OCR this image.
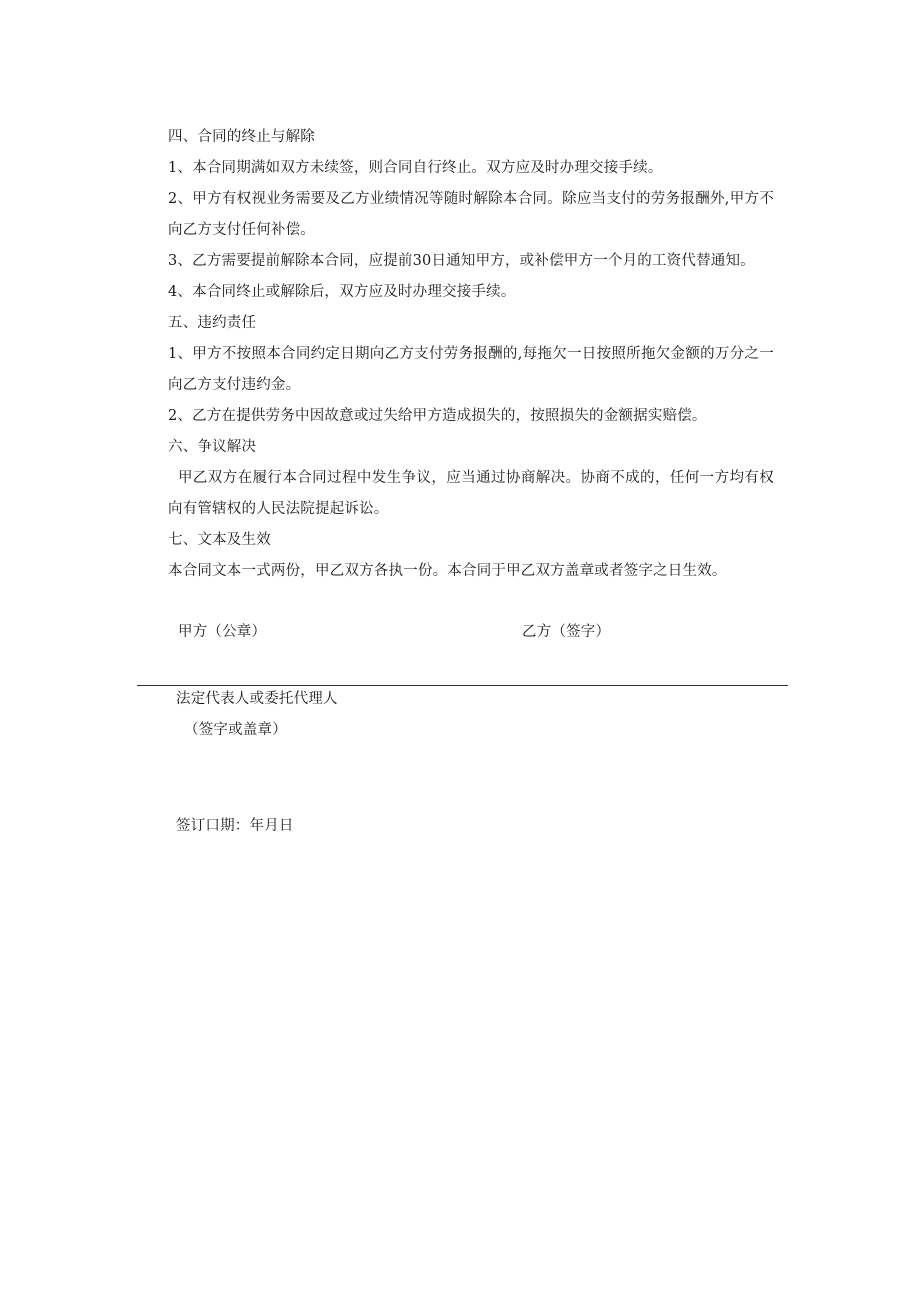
四、合同的终止与解除
1、本合同期满如双方未续签，则合同自行终止。双方应及时办理交接手续。
2、甲方有权视业务需要及乙方业绩情况等随时解除本合同。除应当支付的劳务报酬外,甲方不向乙方支付任何补偿。
3、乙方需要提前解除本合同，应提前30日通知甲方，或补偿甲方一个月的工资代替通知。
4、本合同终止或解除后，双方应及时办理交接手续。
五、违约责任
1、甲方不按照本合同约定日期向乙方支付劳务报酬的,每拖欠一日按照所拖欠金额的万分之一向乙方支付违约金。
2、乙方在提供劳务中因故意或过失给甲方造成损失的，按照损失的金额据实赔偿。
六、争议解决
甲乙双方在履行本合同过程中发生争议，应当通过协商解决。协商不成的，任何一方均有权向有管辖权的人民法院提起诉讼。
七、文本及生效
本合同文本一式两份，甲乙双方各执一份。本合同于甲乙双方盖章或者签字之日生效。
甲方（公章）	乙方（签字）
法定代表人或委托代理人
（签字或盖章）
签订口期：年月日
